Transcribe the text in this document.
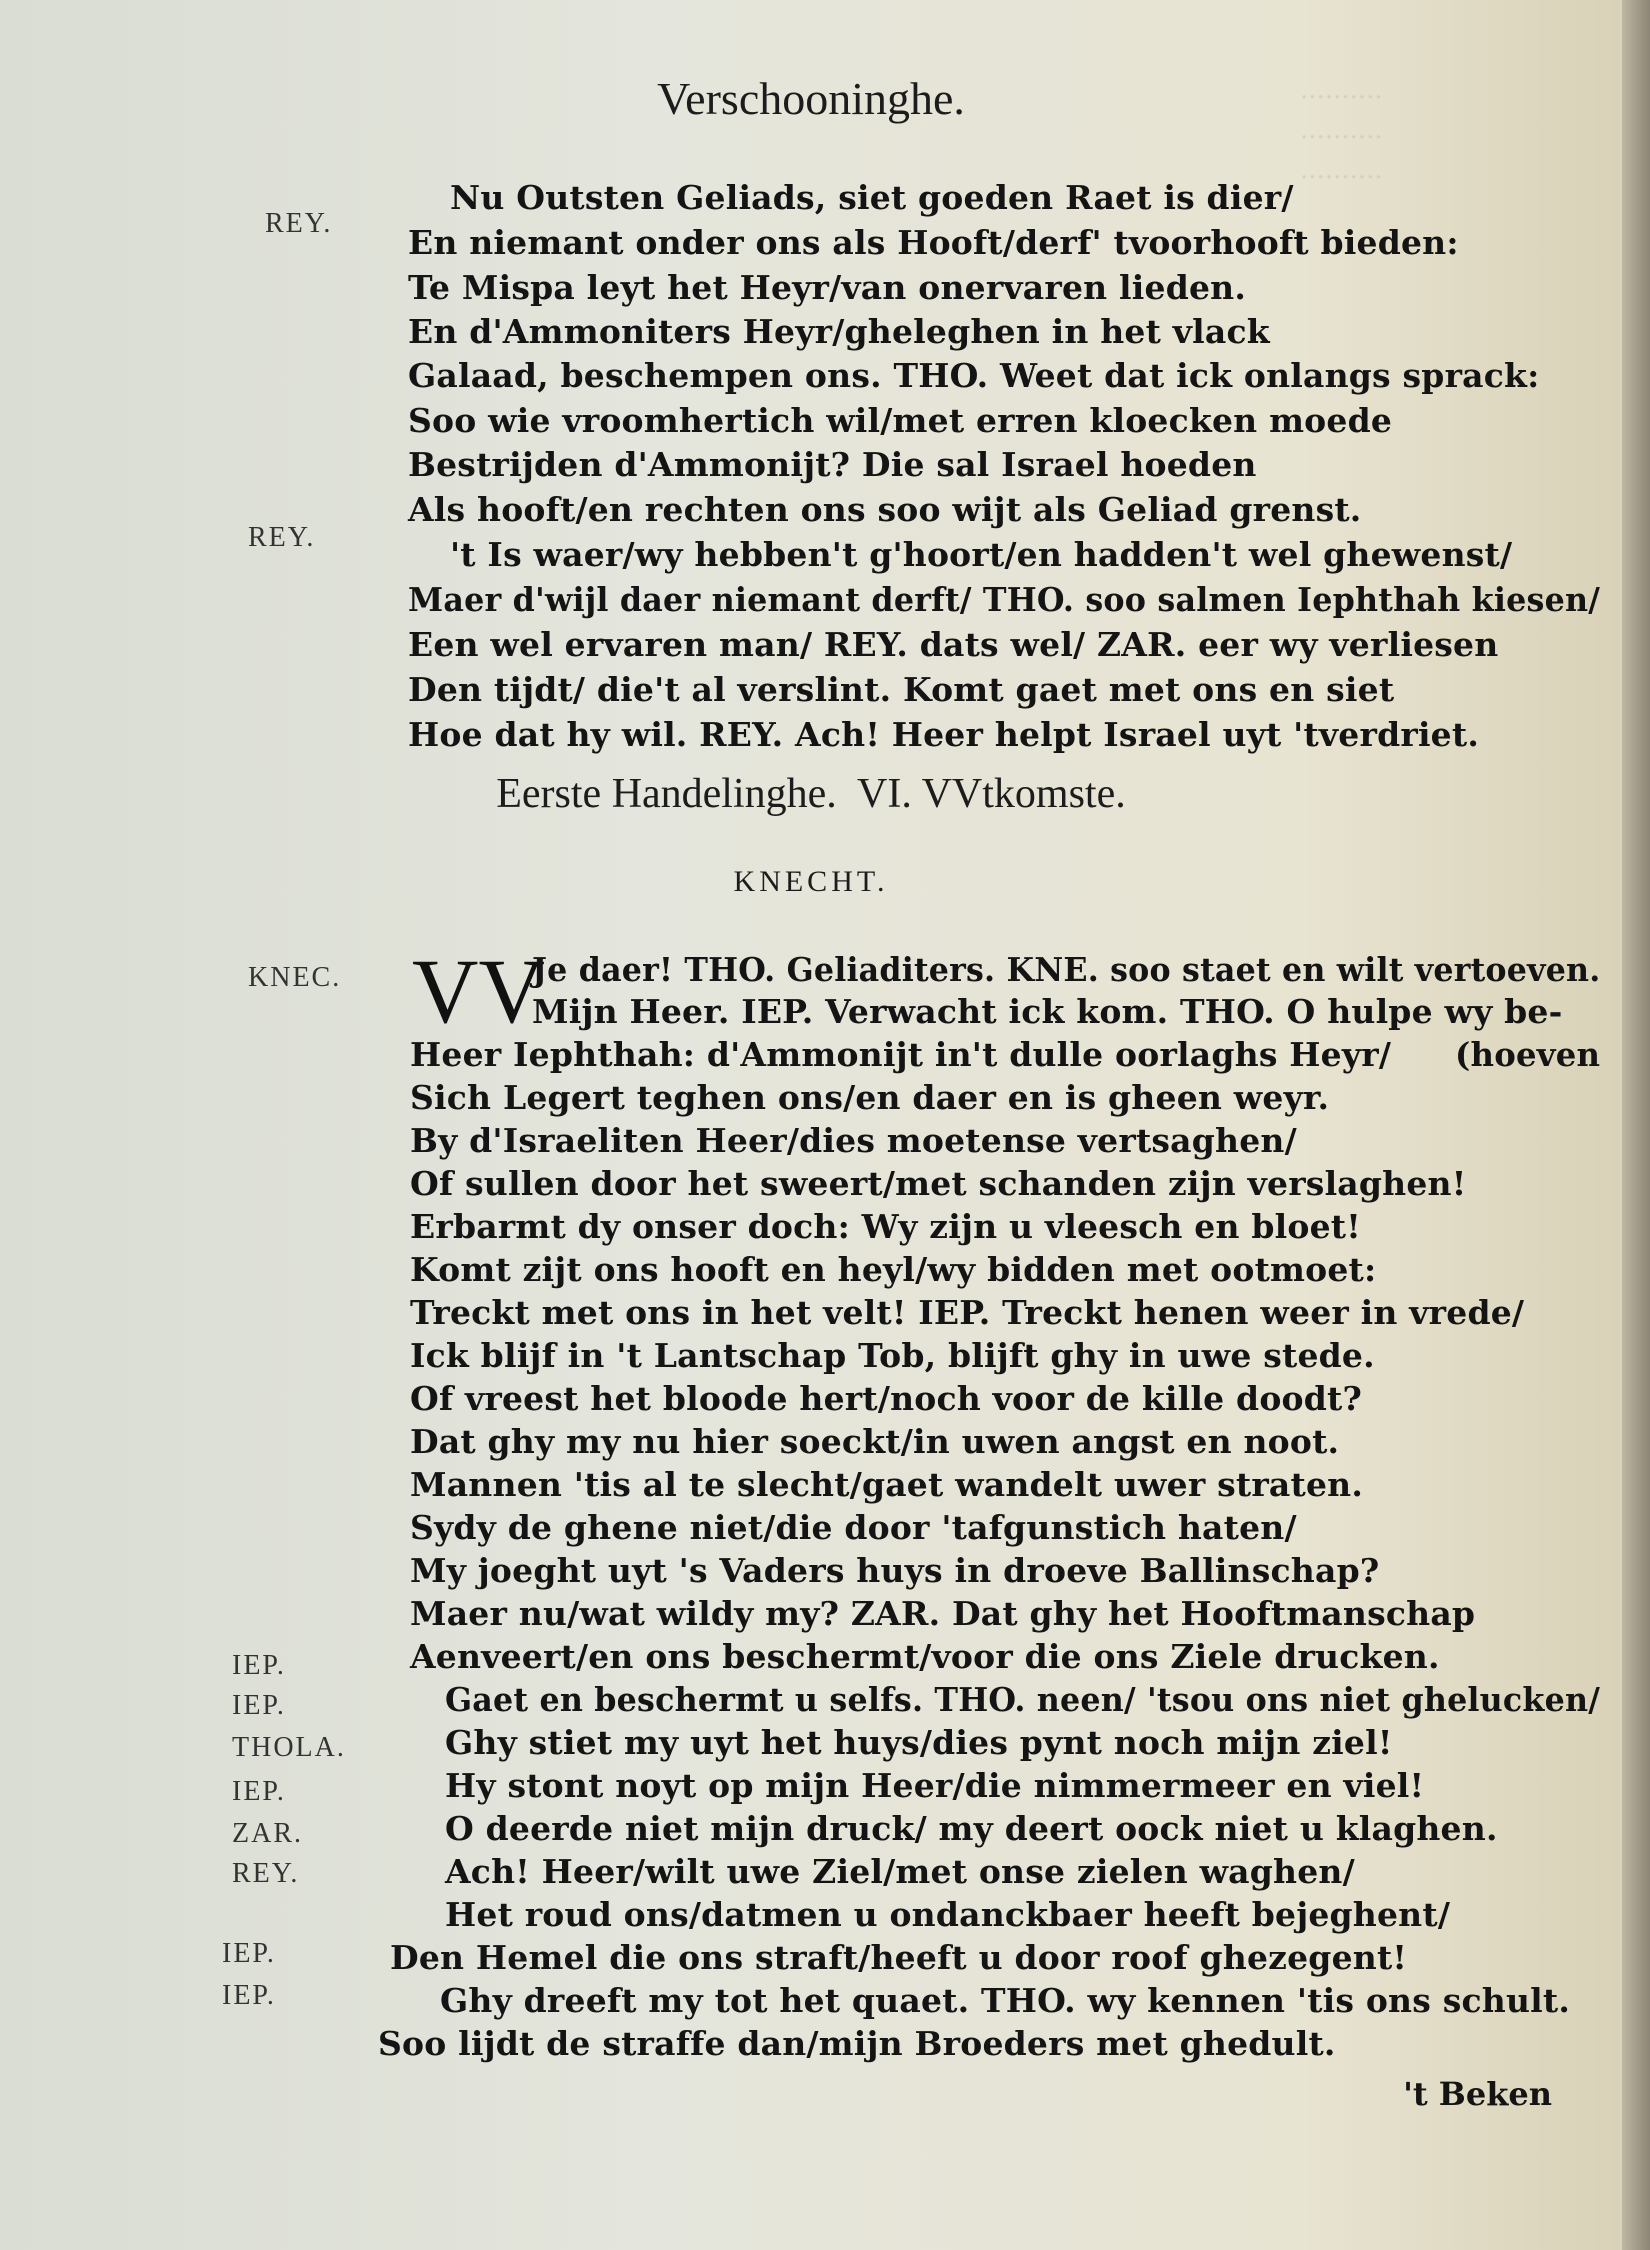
..........
..........
..........
Verschooninghe.
Nu Outsten Geliads, siet goeden Raet is dier/
En niemant onder ons als Hooft/derf' tvoorhooft bieden:
Te Mispa leyt het Heyr/van onervaren lieden.
En d'Ammoniters Heyr/gheleghen in het vlack
Galaad, beschempen ons. THO. Weet dat ick onlangs sprack:
Soo wie vroomhertich wil/met erren kloecken moede
Bestrijden d'Ammonijt? Die sal Israel hoeden
Als hooft/en rechten ons soo wijt als Geliad grenst.
't Is waer/wy hebben't g'hoort/en hadden't wel ghewenst/
Maer d'wijl daer niemant derft/ THO. soo salmen Iephthah kiesen/
Een wel ervaren man/ REY. dats wel/ ZAR. eer wy verliesen
Den tijdt/ die't al verslint. Komt gaet met ons en siet
Hoe dat hy wil. REY. Ach! Heer helpt Israel uyt 'tverdriet.
REY.
REY.
Eerste Handelinghe.  VI. VVtkomste.
KNECHT.
VV
Je daer! THO. Geliaditers. KNE. soo staet en wilt vertoeven.
Mijn Heer. IEP. Verwacht ick kom. THO. O hulpe wy be-
Heer Iephthah: d'Ammonijt in't dulle oorlaghs Heyr/ (hoeven
Sich Legert teghen ons/en daer en is gheen weyr.
By d'Israeliten Heer/dies moetense vertsaghen/
Of sullen door het sweert/met schanden zijn verslaghen!
Erbarmt dy onser doch: Wy zijn u vleesch en bloet!
Komt zijt ons hooft en heyl/wy bidden met ootmoet:
Treckt met ons in het velt! IEP. Treckt henen weer in vrede/
Ick blijf in 't Lantschap Tob, blijft ghy in uwe stede.
Of vreest het bloode hert/noch voor de kille doodt?
Dat ghy my nu hier soeckt/in uwen angst en noot.
Mannen 'tis al te slecht/gaet wandelt uwer straten.
Sydy de ghene niet/die door 'tafgunstich haten/
My joeght uyt 's Vaders huys in droeve Ballinschap?
Maer nu/wat wildy my? ZAR. Dat ghy het Hooftmanschap
Aenveert/en ons beschermt/voor die ons Ziele drucken.
Gaet en beschermt u selfs. THO. neen/ 'tsou ons niet ghelucken/
Ghy stiet my uyt het huys/dies pynt noch mijn ziel!
Hy stont noyt op mijn Heer/die nimmermeer en viel!
O deerde niet mijn druck/ my deert oock niet u klaghen.
Ach! Heer/wilt uwe Ziel/met onse zielen waghen/
Het roud ons/datmen u ondanckbaer heeft bejeghent/
Den Hemel die ons straft/heeft u door roof ghezegent!
Ghy dreeft my tot het quaet. THO. wy kennen 'tis ons schult.
Soo lijdt de straffe dan/mijn Broeders met ghedult.
KNEC.
IEP.
IEP.
THOLA.
IEP.
ZAR.
REY.
IEP.
IEP.
't Beken
